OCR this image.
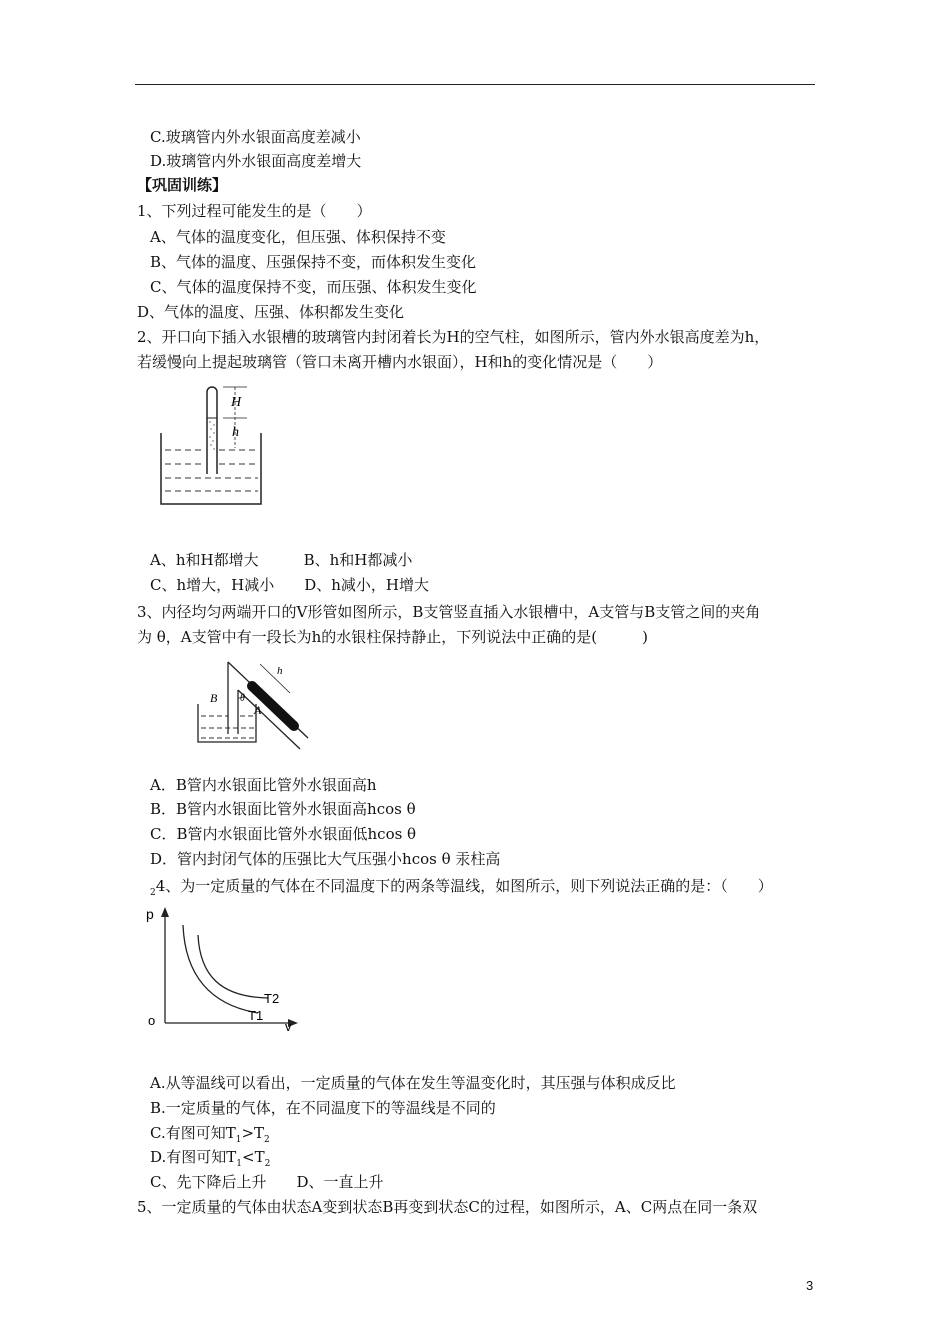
C.玻璃管内外水银面高度差减小
D.玻璃管内外水银面高度差增大
【巩固训练】
1、下列过程可能发生的是（　　）
A、气体的温度变化，但压强、体积保持不变
B、气体的温度、压强保持不变，而体积发生变化
C、气体的温度保持不变，而压强、体积发生变化
D、气体的温度、压强、体积都发生变化
2、开口向下插入水银槽的玻璃管内封闭着长为H的空气柱，如图所示，管内外水银高度差为h，
若缓慢向上提起玻璃管（管口未离开槽内水银面），H和h的变化情况是（　　）
H
h
A、h和H都增大　　　B、h和H都减小
C、h增大，H减小　　D、h减小，H增大
3、内径均匀两端开口的V形管如图所示，B支管竖直插入水银槽中，A支管与B支管之间的夹角
为 θ，A支管中有一段长为h的水银柱保持静止，下列说法中正确的是(　　　)
B
A
θ
h
A．B管内水银面比管外水银面高h
B．B管内水银面比管外水银面高hcos θ
C．B管内水银面比管外水银面低hcos θ
D．管内封闭气体的压强比大气压强小hcos θ 汞柱高
$_2$4、为一定质量的气体在不同温度下的两条等温线，如图所示，则下列说法正确的是：（　　）
p
o	v
T2
T1
A.从等温线可以看出，一定质量的气体在发生等温变化时，其压强与体积成反比
B.一定质量的气体，在不同温度下的等温线是不同的
C.有图可知$T_1>T_2$
D.有图可知$T_1<T_2$
C、先下降后上升　　D、一直上升
5、一定质量的气体由状态A变到状态B再变到状态C的过程，如图所示，A、C两点在同一条双
3
